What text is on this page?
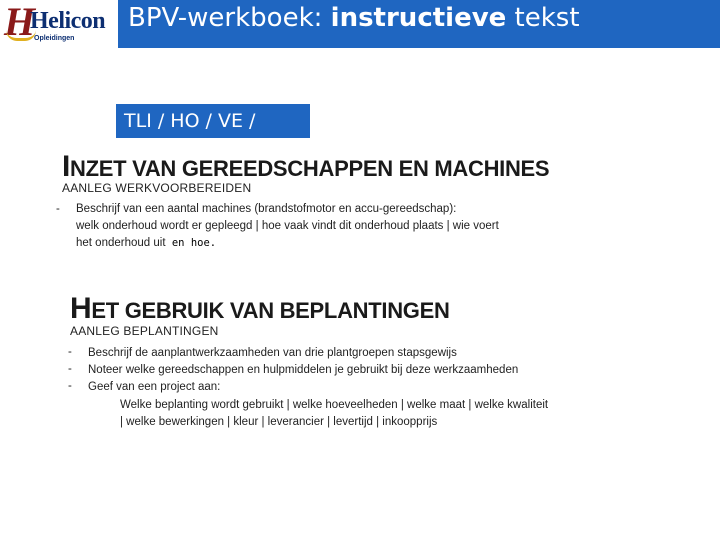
H
Helicon
Opleidingen
BPV-werkboek: instructieve tekst
TLI / HO / VE /
INZET VAN GEREEDSCHAPPEN EN MACHINES
AANLEG WERKVOORBEREIDEN
- Beschrijf van een aantal machines (brandstofmotor en accu-gereedschap):
welk onderhoud wordt er gepleegd | hoe vaak vindt dit onderhoud plaats | wie voert
het onderhoud uit en hoe.
HET GEBRUIK VAN BEPLANTINGEN
AANLEG BEPLANTINGEN
- Beschrijf de aanplantwerkzaamheden van drie plantgroepen stapsgewijs
- Noteer welke gereedschappen en hulpmiddelen je gebruikt bij deze werkzaamheden
- Geef van een project aan:
Welke beplanting wordt gebruikt | welke hoeveelheden | welke maat | welke kwaliteit
| welke bewerkingen | kleur | leverancier | levertijd | inkoopprijs
